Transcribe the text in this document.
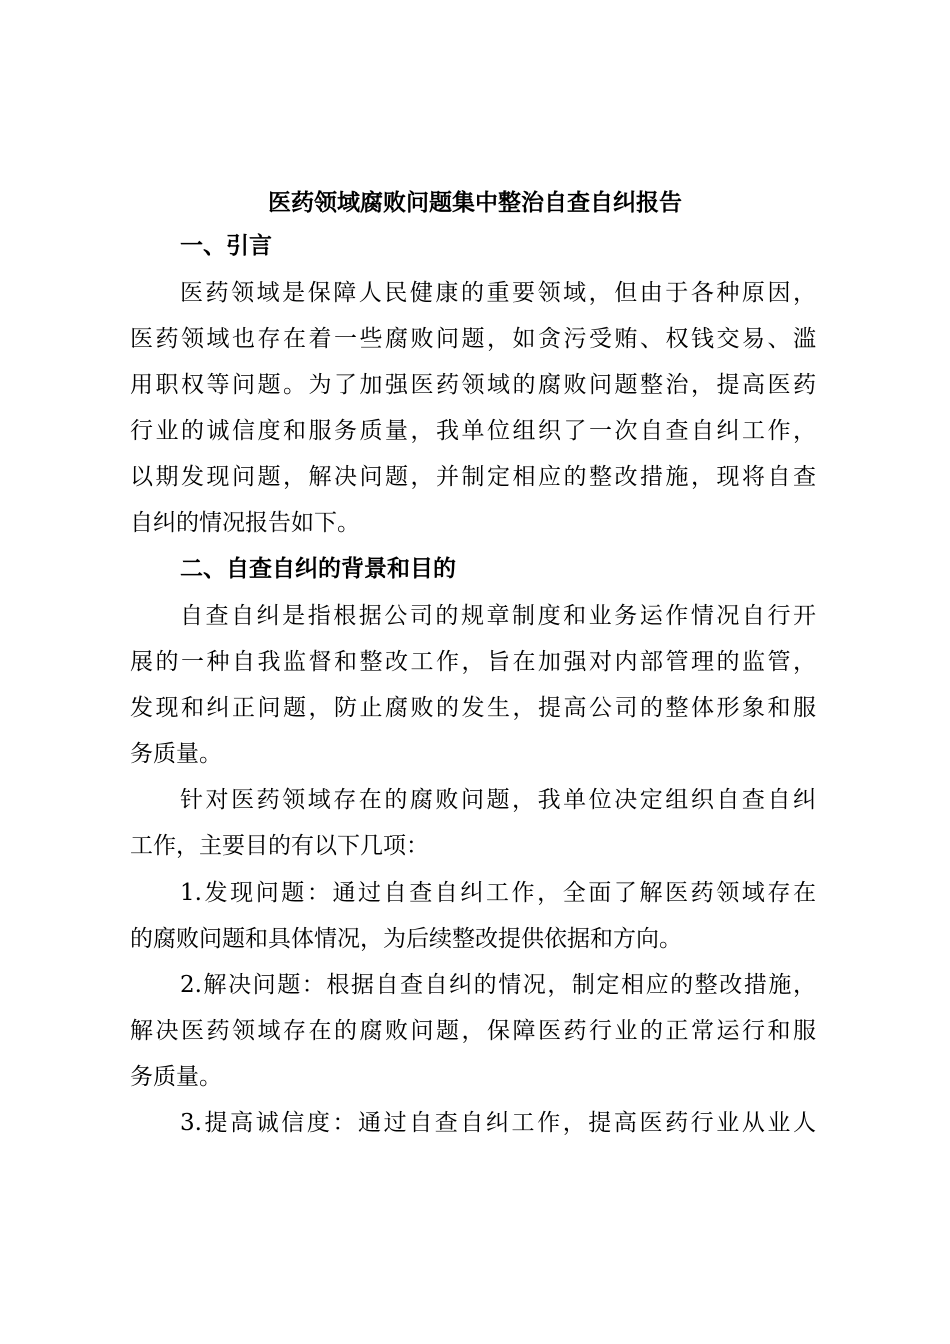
医药领域腐败问题集中整治自查自纠报告
一、引言
医药领域是保障人民健康的重要领域，但由于各种原因，
医药领域也存在着一些腐败问题，如贪污受贿、权钱交易、滥
用职权等问题。为了加强医药领域的腐败问题整治，提高医药
行业的诚信度和服务质量，我单位组织了一次自查自纠工作，
以期发现问题，解决问题，并制定相应的整改措施，现将自查
自纠的情况报告如下。
二、自查自纠的背景和目的
自查自纠是指根据公司的规章制度和业务运作情况自行开
展的一种自我监督和整改工作，旨在加强对内部管理的监管，
发现和纠正问题，防止腐败的发生，提高公司的整体形象和服
务质量。
针对医药领域存在的腐败问题，我单位决定组织自查自纠
工作，主要目的有以下几项：
1.发现问题：通过自查自纠工作，全面了解医药领域存在
的腐败问题和具体情况，为后续整改提供依据和方向。
2.解决问题：根据自查自纠的情况，制定相应的整改措施，
解决医药领域存在的腐败问题，保障医药行业的正常运行和服
务质量。
3.提高诚信度：通过自查自纠工作，提高医药行业从业人
